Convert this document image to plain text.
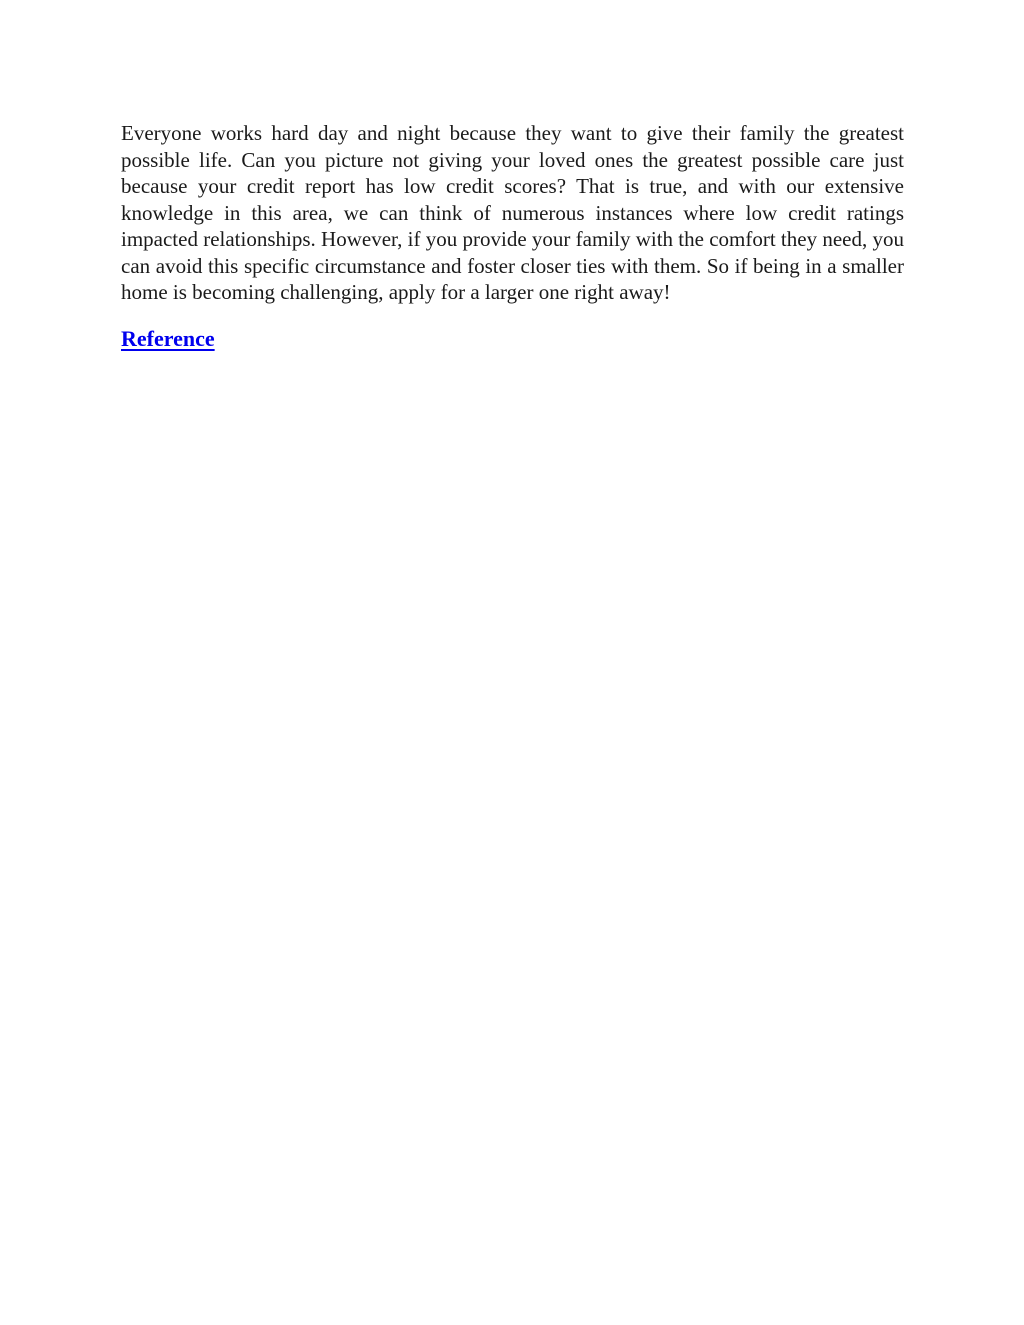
Everyone works hard day and night because they want to give their family the greatest possible life. Can you picture not giving your loved ones the greatest possible care just because your credit report has low credit scores? That is true, and with our extensive knowledge in this area, we can think of numerous instances where low credit ratings impacted relationships. However, if you provide your family with the comfort they need, you can avoid this specific circumstance and foster closer ties with them. So if being in a smaller home is becoming challenging, apply for a larger one right away!

Reference
